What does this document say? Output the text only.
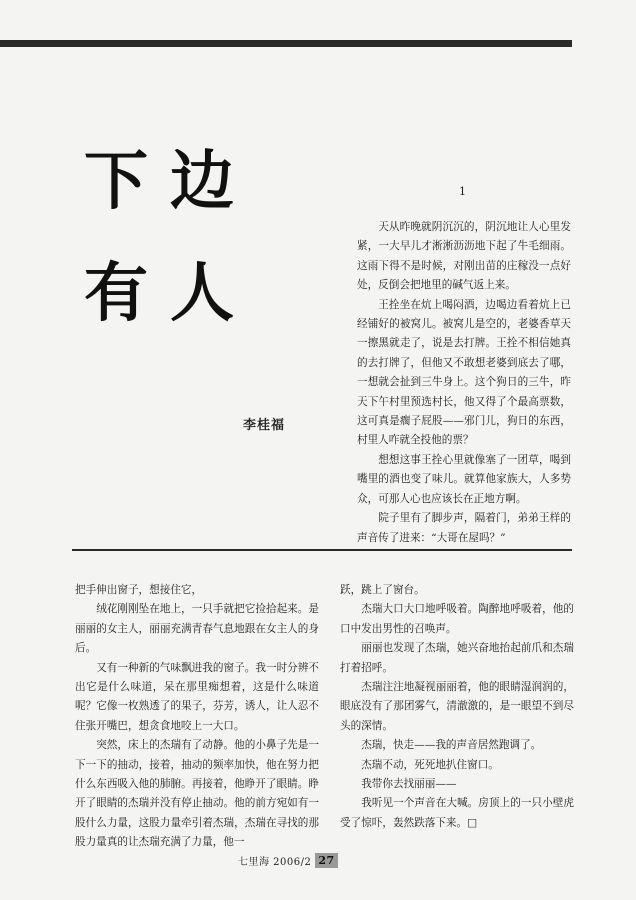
下边
有人
李桂福
1

天从昨晚就阴沉沉的，阴沉地让人心里发紧，一大早儿才淅淅沥沥地下起了牛毛细雨。这雨下得不是时候，对刚出苗的庄稼没一点好处，反倒会把地里的碱气返上来。

王拴坐在炕上喝闷酒，边喝边看着炕上已经铺好的被窝儿。被窝儿是空的，老婆香草天一擦黑就走了，说是去打牌。王拴不相信她真的去打牌了，但他又不敢想老婆到底去了哪，一想就会扯到三牛身上。这个狗日的三牛，昨天下午村里预选村长，他又得了个最高票数，这可真是瘸子屁股——邪门儿，狗日的东西，村里人咋就全投他的票？

想想这事王拴心里就像塞了一团草，喝到嘴里的酒也变了味儿。就算他家族大，人多势众，可那人心也应该长在正地方啊。

院子里有了脚步声，隔着门，弟弟王样的声音传了进来：“大哥在屋吗？”

把手伸出窗子，想接住它，

绒花刚刚坠在地上，一只手就把它捡拾起来。是丽丽的女主人，丽丽充满青春气息地跟在女主人的身后。

又有一种新的气味飘进我的窗子。我一时分辨不出它是什么味道，呆在那里痴想着，这是什么味道呢？它像一枚熟透了的果子，芬芳，诱人，让人忍不住张开嘴巴，想贪食地咬上一大口。

突然，床上的杰瑞有了动静。他的小鼻子先是一下一下的抽动，接着，抽动的频率加快，他在努力把什么东西吸入他的肺腑。再接着，他睁开了眼睛。睁开了眼睛的杰瑞并没有停止抽动。他的前方宛如有一股什么力量，这股力量牵引着杰瑞，杰瑞在寻找的那股力量真的让杰瑞充满了力量，他一

跃，跳上了窗台。

杰瑞大口大口地呼吸着。陶醉地呼吸着，他的口中发出男性的召唤声。

丽丽也发现了杰瑞，她兴奋地抬起前爪和杰瑞打着招呼。

杰瑞注注地凝视丽丽着，他的眼睛湿润润的，眼底没有了那团雾气，清澈激的，是一眼望不到尽头的深情。

杰瑞，快走——我的声音居然跑调了。

杰瑞不动，死死地扒住窗口。

我带你去找丽丽——

我听见一个声音在大喊。房顶上的一只小壁虎受了惊吓，轰然跌落下来。□

七里海 2006/2 27
